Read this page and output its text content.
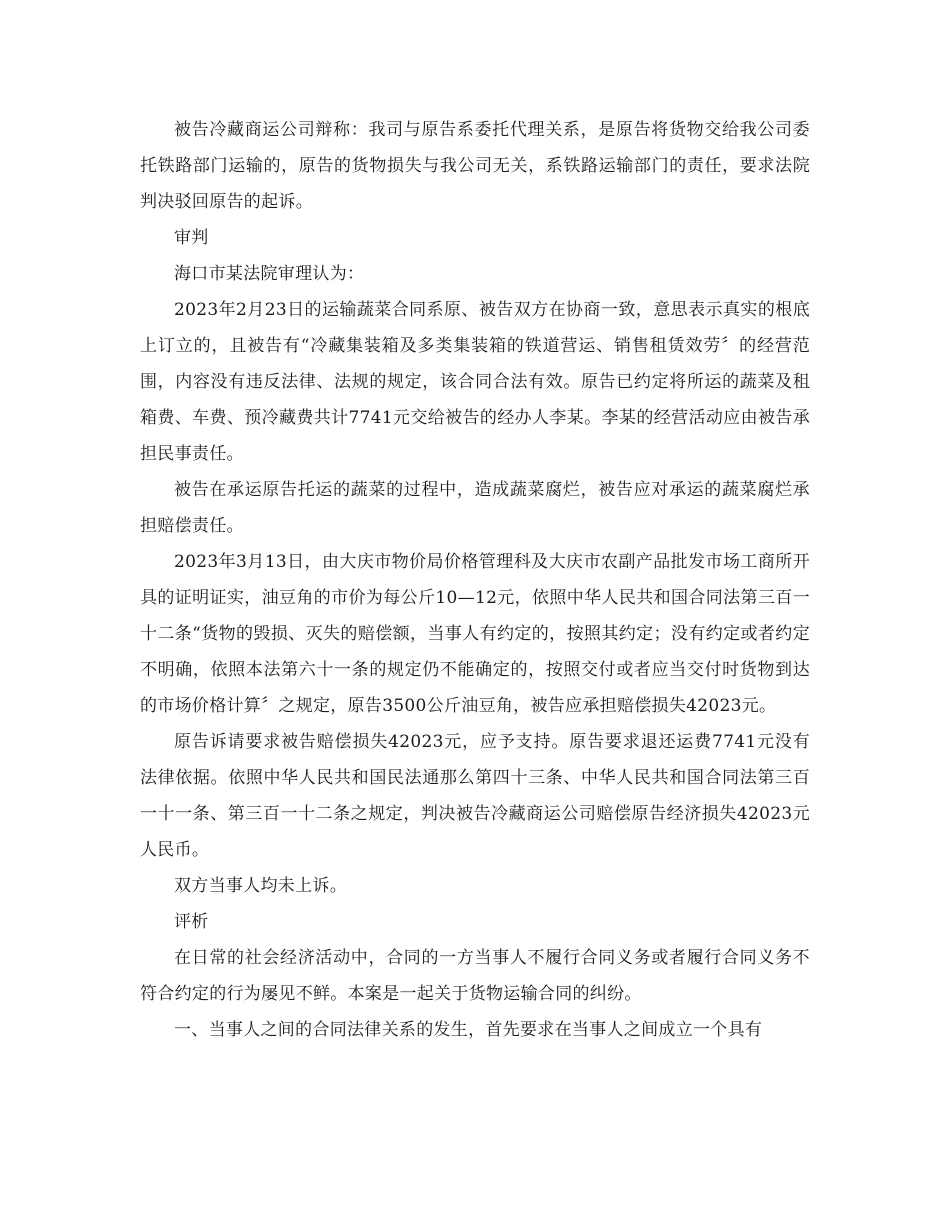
被告冷藏商运公司辩称：我司与原告系委托代理关系，是原告将货物交给我公司委托铁路部门运输的，原告的货物损失与我公司无关，系铁路运输部门的责任，要求法院判决驳回原告的起诉。

审判

海口市某法院审理认为：

2023年2月23日的运输蔬菜合同系原、被告双方在协商一致，意思表示真实的根底上订立的，且被告有“冷藏集装箱及多类集装箱的铁道营运、销售租赁效劳〞的经营范围，内容没有违反法律、法规的规定，该合同合法有效。原告已约定将所运的蔬菜及租箱费、车费、预冷藏费共计7741元交给被告的经办人李某。李某的经营活动应由被告承担民事责任。

被告在承运原告托运的蔬菜的过程中，造成蔬菜腐烂，被告应对承运的蔬菜腐烂承担赔偿责任。

2023年3月13日，由大庆市物价局价格管理科及大庆市农副产品批发市场工商所开具的证明证实，油豆角的市价为每公斤10—12元，依照中华人民共和国合同法第三百一十二条“货物的毁损、灭失的赔偿额，当事人有约定的，按照其约定；没有约定或者约定不明确，依照本法第六十一条的规定仍不能确定的，按照交付或者应当交付时货物到达的市场价格计算〞之规定，原告3500公斤油豆角，被告应承担赔偿损失42023元。

原告诉请要求被告赔偿损失42023元，应予支持。原告要求退还运费7741元没有法律依据。依照中华人民共和国民法通那么第四十三条、中华人民共和国合同法第三百一十一条、第三百一十二条之规定，判决被告冷藏商运公司赔偿原告经济损失42023元人民币。

双方当事人均未上诉。

评析

在日常的社会经济活动中，合同的一方当事人不履行合同义务或者履行合同义务不符合约定的行为屡见不鲜。本案是一起关于货物运输合同的纠纷。

一、当事人之间的合同法律关系的发生，首先要求在当事人之间成立一个具有
